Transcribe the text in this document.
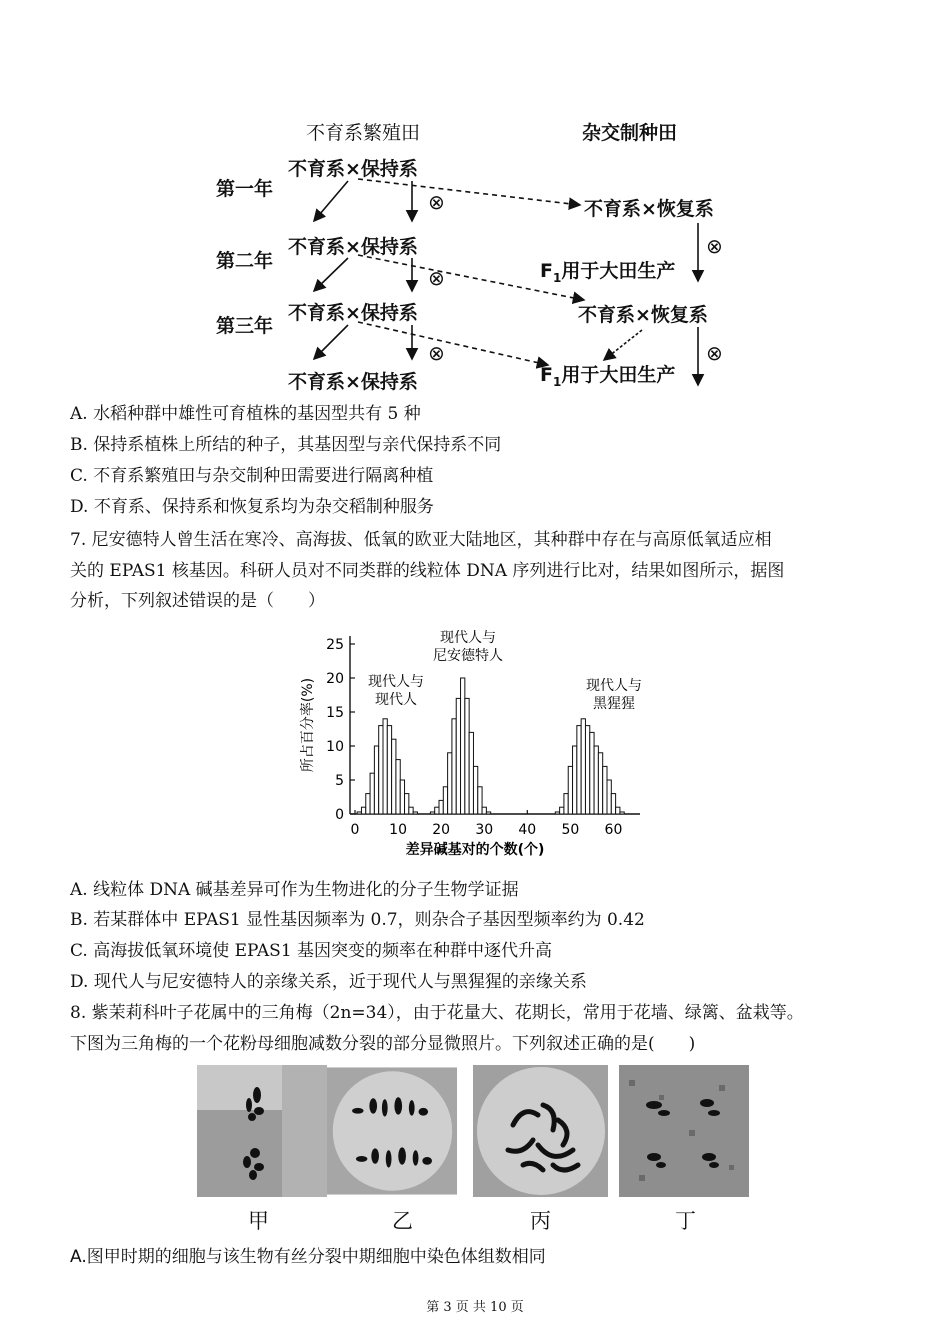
不育系繁殖田	杂交制种田
第一年
第二年
第三年
不育系×保持系
不育系×保持系
不育系×保持系
不育系×保持系
不育系×恢复系
不育系×恢复系
$F_1$用于大田生产
$F_1$用于大田生产
⊗
⊗
⊗
⊗
⊗
A. 水稻种群中雄性可育植株的基因型共有 5 种
B. 保持系植株上所结的种子，其基因型与亲代保持系不同
C. 不育系繁殖田与杂交制种田需要进行隔离种植
D. 不育系、保持系和恢复系均为杂交稻制种服务
7. 尼安德特人曾生活在寒冷、高海拔、低氧的欧亚大陆地区，其种群中存在与高原低氧适应相
关的 EPAS1 核基因。科研人员对不同类群的线粒体 DNA 序列进行比对，结果如图所示，据图
分析，下列叙述错误的是（　　）
0
5
10
15
20
25
0 10 20 30 40 50 60
现代人与
现代人
现代人与
尼安德特人
现代人与
黑猩猩
差异碱基对的个数(个)
所占百分率(%)
A. 线粒体 DNA 碱基差异可作为生物进化的分子生物学证据
B. 若某群体中 EPAS1 显性基因频率为 0.7，则杂合子基因型频率约为 0.42
C. 高海拔低氧环境使 EPAS1 基因突变的频率在种群中逐代升高
D. 现代人与尼安德特人的亲缘关系，近于现代人与黑猩猩的亲缘关系
8. 紫茉莉科叶子花属中的三角梅（2n=34），由于花量大、花期长，常用于花墙、绿篱、盆栽等。
下图为三角梅的一个花粉母细胞减数分裂的部分显微照片。下列叙述正确的是(　　)
甲	乙	丙	丁
A.图甲时期的细胞与该生物有丝分裂中期细胞中染色体组数相同
第 3 页 共 10 页
